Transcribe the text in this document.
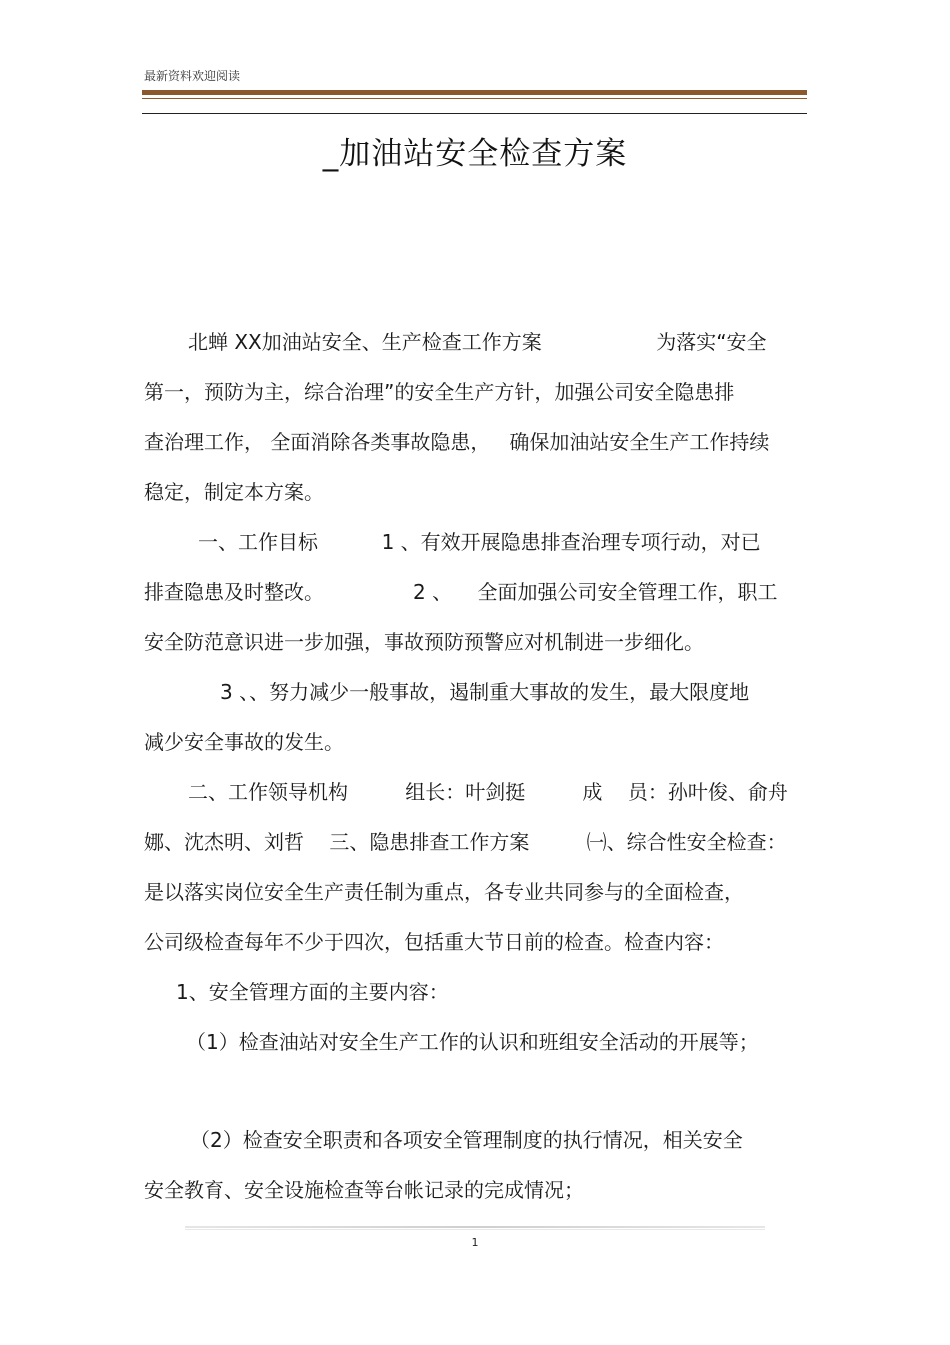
最新资料欢迎阅读
_加油站安全检查方案
北蝉 XX加油站安全、生产检查工作方案                  为落实“安全
第一，预防为主，综合治理”的安全生产方针，加强公司安全隐患排
查治理工作， 全面消除各类事故隐患，   确保加油站安全生产工作持续
稳定，制定本方案。
一、工作目标          1 、有效开展隐患排查治理专项行动，对已
排查隐患及时整改。              2 、    全面加强公司安全管理工作，职工
安全防范意识进一步加强，事故预防预警应对机制进一步细化。
3 、、努力减少一般事故，遏制重大事故的发生，最大限度地
减少安全事故的发生。
二、工作领导机构         组长：叶剑挺         成    员：孙叶俊、俞舟
娜、沈杰明、刘哲    三、隐患排查工作方案         ㈠、综合性安全检查：
是以落实岗位安全生产责任制为重点，各专业共同参与的全面检查，
公司级检查每年不少于四次，包括重大节日前的检查。检查内容：
1、安全管理方面的主要内容：
（1）检查油站对安全生产工作的认识和班组安全活动的开展等；
（2）检查安全职责和各项安全管理制度的执行情况，相关安全
安全教育、安全设施检查等台帐记录的完成情况；
1
